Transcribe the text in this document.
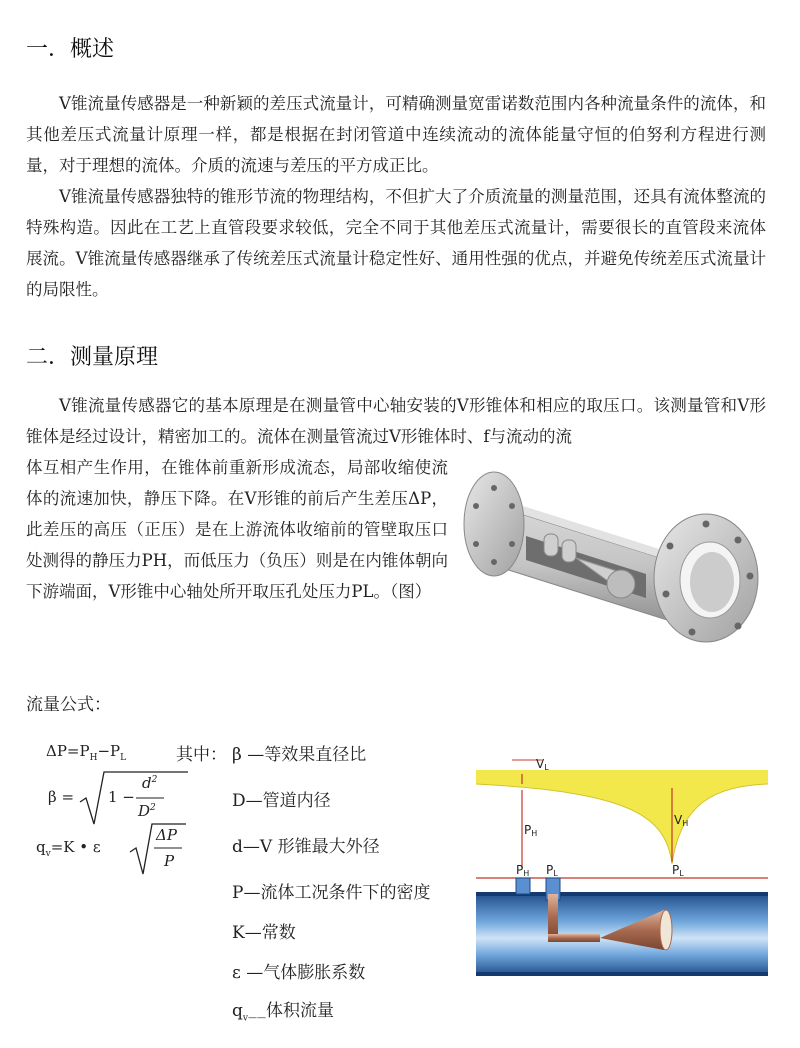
一．概述

V锥流量传感器是一种新颖的差压式流量计，可精确测量宽雷诺数范围内各种流量条件的流体，和其他差压式流量计原理一样，都是根据在封闭管道中连续流动的流体能量守恒的伯努利方程进行测量，对于理想的流体。介质的流速与差压的平方成正比。

V锥流量传感器独特的锥形节流的物理结构，不但扩大了介质流量的测量范围，还具有流体整流的特殊构造。因此在工艺上直管段要求较低，完全不同于其他差压式流量计，需要很长的直管段来流体展流。V锥流量传感器继承了传统差压式流量计稳定性好、通用性强的优点，并避免传统差压式流量计的局限性。

二．测量原理

V锥流量传感器它的基本原理是在测量管中心轴安装的V形锥体和相应的取压口。该测量管和V形锥体是经过设计，精密加工的。流体在测量管流过V形锥体时、f与流动的流

体互相产生作用，在锥体前重新形成流态，局部收缩使流体的流速加快，静压下降。在V形锥的前后产生差压ΔP，此差压的高压（正压）是在上游流体收缩前的管壁取压口处测得的静压力PH，而低压力（负压）则是在内锥体朝向下游端面，V形锥中心轴处所开取压孔处压力PL。（图）

流量公式：
$\Delta P=P_H-P_L$
β = 1 −
$d^2$
$D^2$
$q_v=K$ • ε
ΔP
P
其中： β —等效果直径比
D—管道内径
d—V 形锥最大外径
P—流体工况条件下的密度
K—常数
ε —气体膨胀系数
$q_{v——}$体积流量
VL
PH
VH
PH PL	PL
